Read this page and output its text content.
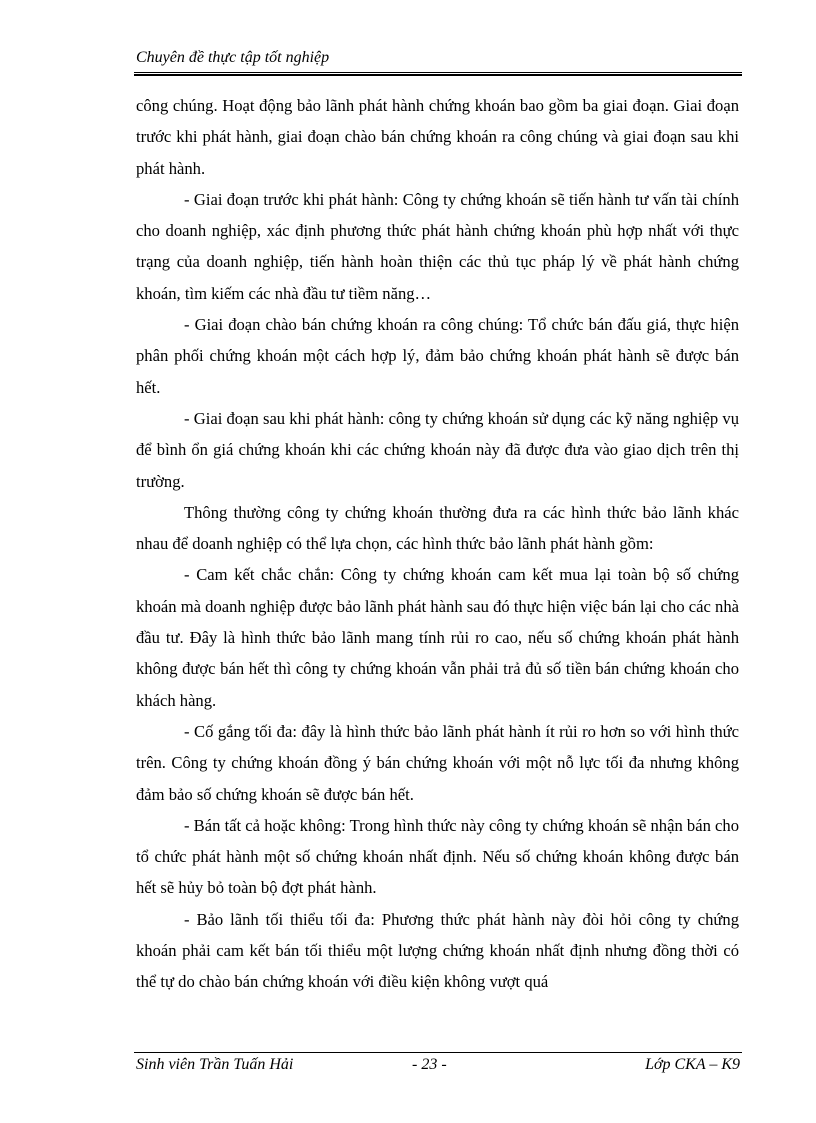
Chuyên đề thực tập tốt nghiệp

công chúng. Hoạt động bảo lãnh phát hành chứng khoán bao gồm ba giai đoạn. Giai đoạn trước khi phát hành, giai đoạn chào bán chứng khoán ra công chúng và giai đoạn sau khi phát hành.

- Giai đoạn trước khi phát hành: Công ty chứng khoán sẽ tiến hành tư vấn tài chính cho doanh nghiệp, xác định phương thức phát hành chứng khoán phù hợp nhất với thực trạng của doanh nghiệp, tiến hành hoàn thiện các thủ tục pháp lý về phát hành chứng khoán, tìm kiếm các nhà đầu tư tiềm năng…

- Giai đoạn chào bán chứng khoán ra công chúng: Tổ chức bán đấu giá, thực hiện phân phối chứng khoán một cách hợp lý, đảm bảo chứng khoán phát hành sẽ được bán hết.

- Giai đoạn sau khi phát hành: công ty chứng khoán sử dụng các kỹ năng nghiệp vụ để bình ổn giá chứng khoán khi các chứng khoán này đã được đưa vào giao dịch trên thị trường.

Thông thường công ty chứng khoán thường đưa ra các hình thức bảo lãnh khác nhau để doanh nghiệp có thể lựa chọn, các hình thức bảo lãnh phát hành gồm:

- Cam kết chắc chắn: Công ty chứng khoán cam kết mua lại toàn bộ số chứng khoán mà doanh nghiệp được bảo lãnh phát hành sau đó thực hiện việc bán lại cho các nhà đầu tư. Đây là hình thức bảo lãnh mang tính rủi ro cao, nếu số chứng khoán phát hành không được bán hết thì công ty chứng khoán vẫn phải trả đủ số tiền bán chứng khoán cho khách hàng.

- Cố gắng tối đa: đây là hình thức bảo lãnh phát hành ít rủi ro hơn so với hình thức trên. Công ty chứng khoán đồng ý bán chứng khoán với một nỗ lực tối đa nhưng không đảm bảo số chứng khoán sẽ được bán hết.

- Bán tất cả hoặc không: Trong hình thức này công ty chứng khoán sẽ nhận bán cho tổ chức phát hành một số chứng khoán nhất định. Nếu số chứng khoán không được bán hết sẽ hủy bỏ toàn bộ đợt phát hành.

- Bảo lãnh tối thiểu tối đa: Phương thức phát hành này đòi hỏi công ty chứng khoán phải cam kết bán tối thiểu một lượng chứng khoán nhất định nhưng đồng thời có thể tự do chào bán chứng khoán với điều kiện không vượt quá

Sinh viên Trần Tuấn Hải	- 23 -	Lớp CKA – K9
